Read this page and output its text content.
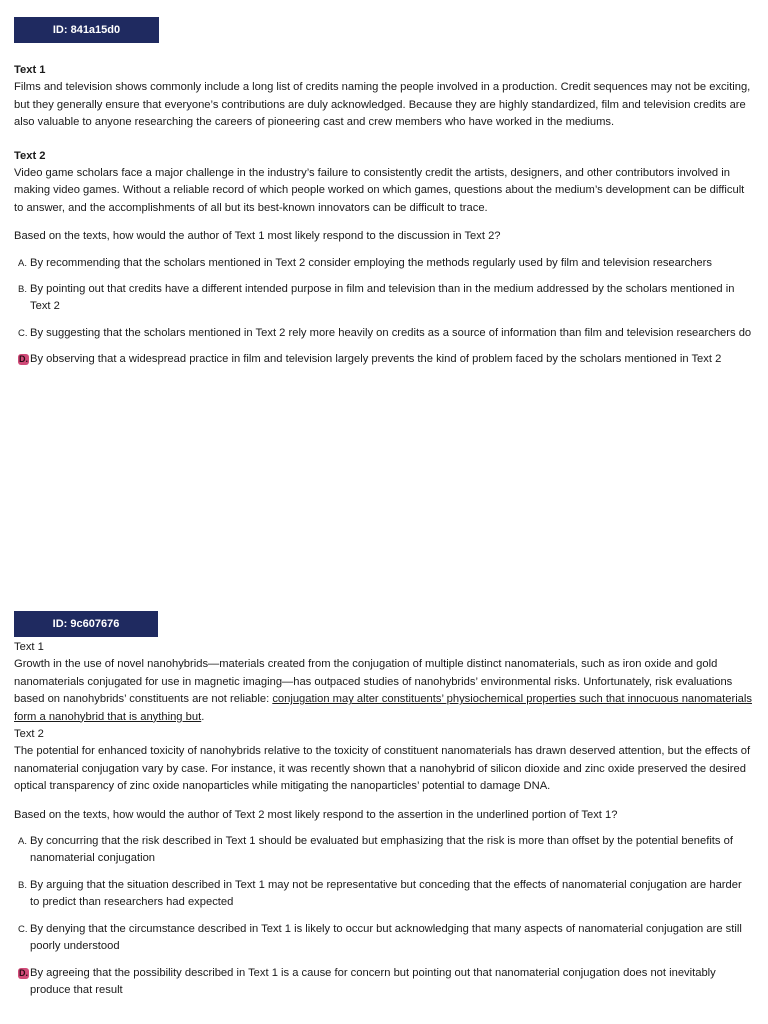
ID: 841a15d0

Text 1

Films and television shows commonly include a long list of credits naming the people involved in a production. Credit sequences may not be exciting, but they generally ensure that everyone’s contributions are duly acknowledged. Because they are highly standardized, film and television credits are also valuable to anyone researching the careers of pioneering cast and crew members who have worked in the mediums.

Text 2

Video game scholars face a major challenge in the industry’s failure to consistently credit the artists, designers, and other contributors involved in making video games. Without a reliable record of which people worked on which games, questions about the medium’s development can be difficult to answer, and the accomplishments of all but its best-known innovators can be difficult to trace.

Based on the texts, how would the author of Text 1 most likely respond to the discussion in Text 2?

A. By recommending that the scholars mentioned in Text 2 consider employing the methods regularly used by film and television researchers
B. By pointing out that credits have a different intended purpose in film and television than in the medium addressed by the scholars mentioned in Text 2
C. By suggesting that the scholars mentioned in Text 2 rely more heavily on credits as a source of information than film and television researchers do
D. By observing that a widespread practice in film and television largely prevents the kind of problem faced by the scholars mentioned in Text 2
ID: 9c607676

Text 1

Growth in the use of novel nanohybrids—materials created from the conjugation of multiple distinct nanomaterials, such as iron oxide and gold nanomaterials conjugated for use in magnetic imaging—has outpaced studies of nanohybrids’ environmental risks. Unfortunately, risk evaluations based on nanohybrids’ constituents are not reliable: conjugation may alter constituents’ physiochemical properties such that innocuous nanomaterials form a nanohybrid that is anything but.

Text 2

The potential for enhanced toxicity of nanohybrids relative to the toxicity of constituent nanomaterials has drawn deserved attention, but the effects of nanomaterial conjugation vary by case. For instance, it was recently shown that a nanohybrid of silicon dioxide and zinc oxide preserved the desired optical transparency of zinc oxide nanoparticles while mitigating the nanoparticles’ potential to damage DNA.

Based on the texts, how would the author of Text 2 most likely respond to the assertion in the underlined portion of Text 1?

A. By concurring that the risk described in Text 1 should be evaluated but emphasizing that the risk is more than offset by the potential benefits of nanomaterial conjugation
B. By arguing that the situation described in Text 1 may not be representative but conceding that the effects of nanomaterial conjugation are harder to predict than researchers had expected
C. By denying that the circumstance described in Text 1 is likely to occur but acknowledging that many aspects of nanomaterial conjugation are still poorly understood
D. By agreeing that the possibility described in Text 1 is a cause for concern but pointing out that nanomaterial conjugation does not inevitably produce that result
